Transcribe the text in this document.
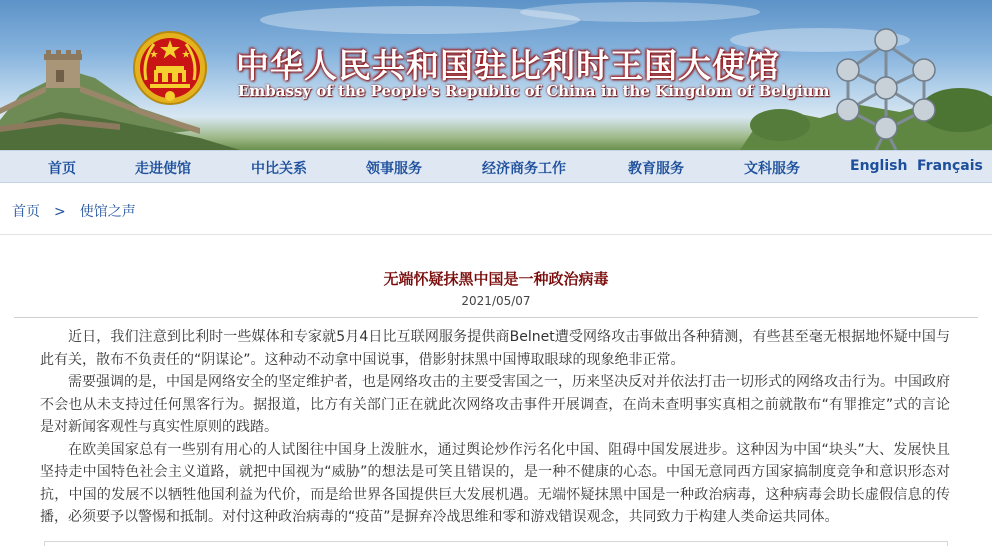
中华人民共和国驻比利时王国大使馆
Embassy of the People's Republic of China in the Kingdom of Belgium
首页	走进使馆	中比关系	领事服务	经济商务工作	教育服务	文科服务	English Français
首页 > 使馆之声
无端怀疑抹黑中国是一种政治病毒
2021/05/07

近日，我们注意到比利时一些媒体和专家就5月4日比互联网服务提供商Belnet遭受网络攻击事做出各种猜测，有些甚至毫无根据地怀疑中国与此有关，散布不负责任的“阴谋论”。这种动不动拿中国说事，借影射抹黑中国博取眼球的现象绝非正常。

需要强调的是，中国是网络安全的坚定维护者，也是网络攻击的主要受害国之一，历来坚决反对并依法打击一切形式的网络攻击行为。中国政府不会也从未支持过任何黑客行为。据报道，比方有关部门正在就此次网络攻击事件开展调查，在尚未查明事实真相之前就散布“有罪推定”式的言论是对新闻客观性与真实性原则的践踏。

在欧美国家总有一些别有用心的人试图往中国身上泼脏水，通过舆论炒作污名化中国、阻碍中国发展进步。这种因为中国“块头”大、发展快且坚持走中国特色社会主义道路，就把中国视为“威胁”的想法是可笑且错误的，是一种不健康的心态。中国无意同西方国家搞制度竞争和意识形态对抗，中国的发展不以牺牲他国利益为代价，而是给世界各国提供巨大发展机遇。无端怀疑抹黑中国是一种政治病毒，这种病毒会助长虚假信息的传播，必须要予以警惕和抵制。对付这种政治病毒的“疫苗”是摒弃冷战思维和零和游戏错误观念，共同致力于构建人类命运共同体。
